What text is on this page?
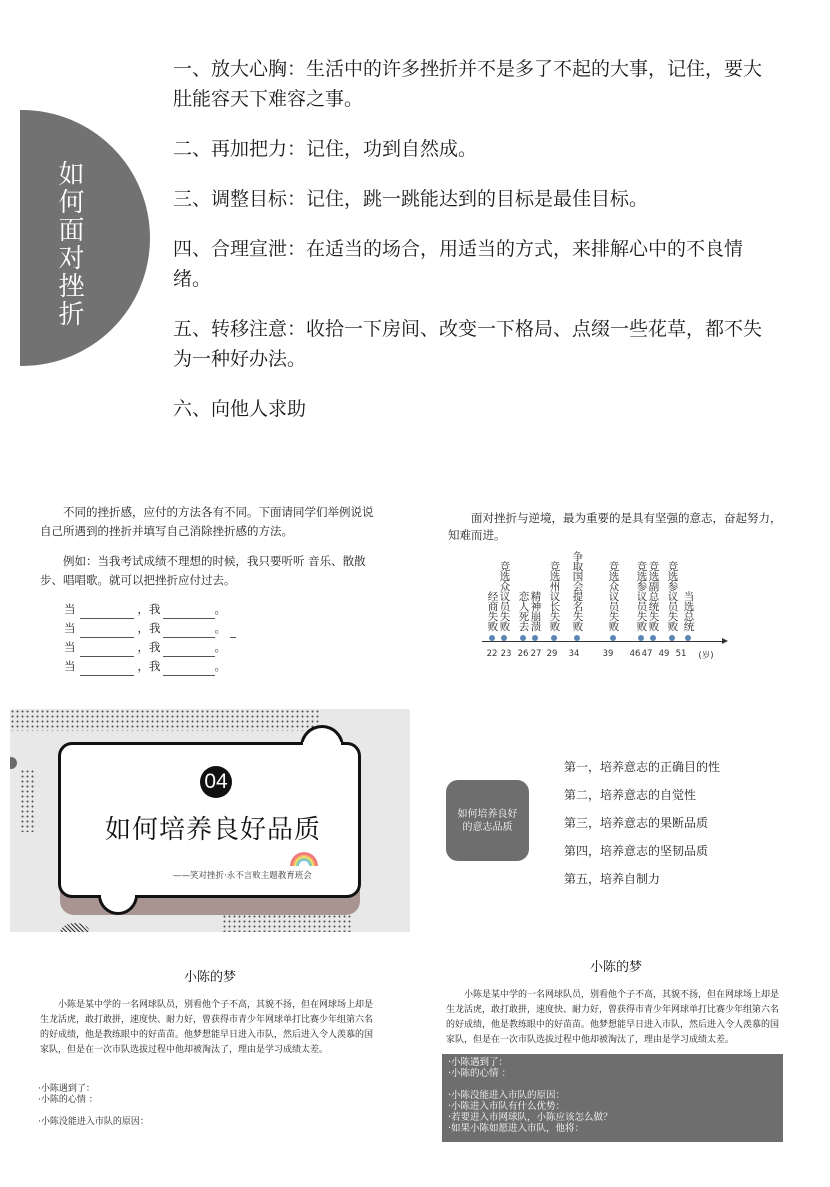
如何面对挫折
一、放大心胸：生活中的许多挫折并不是多了不起的大事，记住，要大肚能容天下难容之事。
二、再加把力：记住，功到自然成。
三、调整目标：记住，跳一跳能达到的目标是最佳目标。
四、合理宣泄：在适当的场合，用适当的方式，来排解心中的不良情绪。
五、转移注意：收拾一下房间、改变一下格局、点缀一些花草，都不失为一种好办法。
六、向他人求助

不同的挫折感，应付的方法各有不同。下面请同学们举例说说自己所遇到的挫折并填写自己消除挫折感的方法。

例如：当我考试成绩不理想的时候，我只要听听 音乐、散散步、唱唱歌。就可以把挫折应付过去。

当	，我	。
当	，我	。
当	，我	。
当	，我	。
面对挫折与逆境，最为重要的是具有坚强的意志，奋起努力，知难而进。
经商失败 竞选众议员失败 恋人死去 精神崩溃 竞选州议长失败 争取国会提名失败 竞选众议员失败 竞选参议员失败 竞选副总统失败 竞选参议员失败 当选总统
22 23 26 27 29 34	39 46 47 49 51 (岁)
04
如何培养良好品质
——笑对挫折·永不言败主题教育班会
如何培养良好的意志品质
第一，培养意志的正确目的性
第二，培养意志的自觉性
第三，培养意志的果断品质
第四，培养意志的坚韧品质
第五，培养自制力
小陈的梦
小陈是某中学的一名网球队员，别看他个子不高，其貌不扬，但在网球场上却是生龙活虎，敢打敢拼，速度快、耐力好，曾获得市青少年网球单打比赛少年组第六名的好成绩，他是教练眼中的好苗苗。他梦想能早日进入市队，然后进入令人羡慕的国家队，但是在一次市队选拔过程中他却被淘汰了，理由是学习成绩太差。
·小陈遇到了：
·小陈的心情 ：
·小陈没能进入市队的原因：
小陈的梦
小陈是某中学的一名网球队员，别看他个子不高，其貌不扬，但在网球场上却是生龙活虎，敢打敢拼，速度快、耐力好，曾获得市青少年网球单打比赛少年组第六名的好成绩，他是教练眼中的好苗苗。他梦想能早日进入市队，然后进入令人羡慕的国家队，但是在一次市队选拔过程中他却被淘汰了，理由是学习成绩太差。
·小陈遇到了：
·小陈的心情 ：
·小陈没能进入市队的原因：
·小陈进入市队有什么优势：
·若要进入市网球队，小陈应该怎么做？
·如果小陈如愿进入市队，他将：
